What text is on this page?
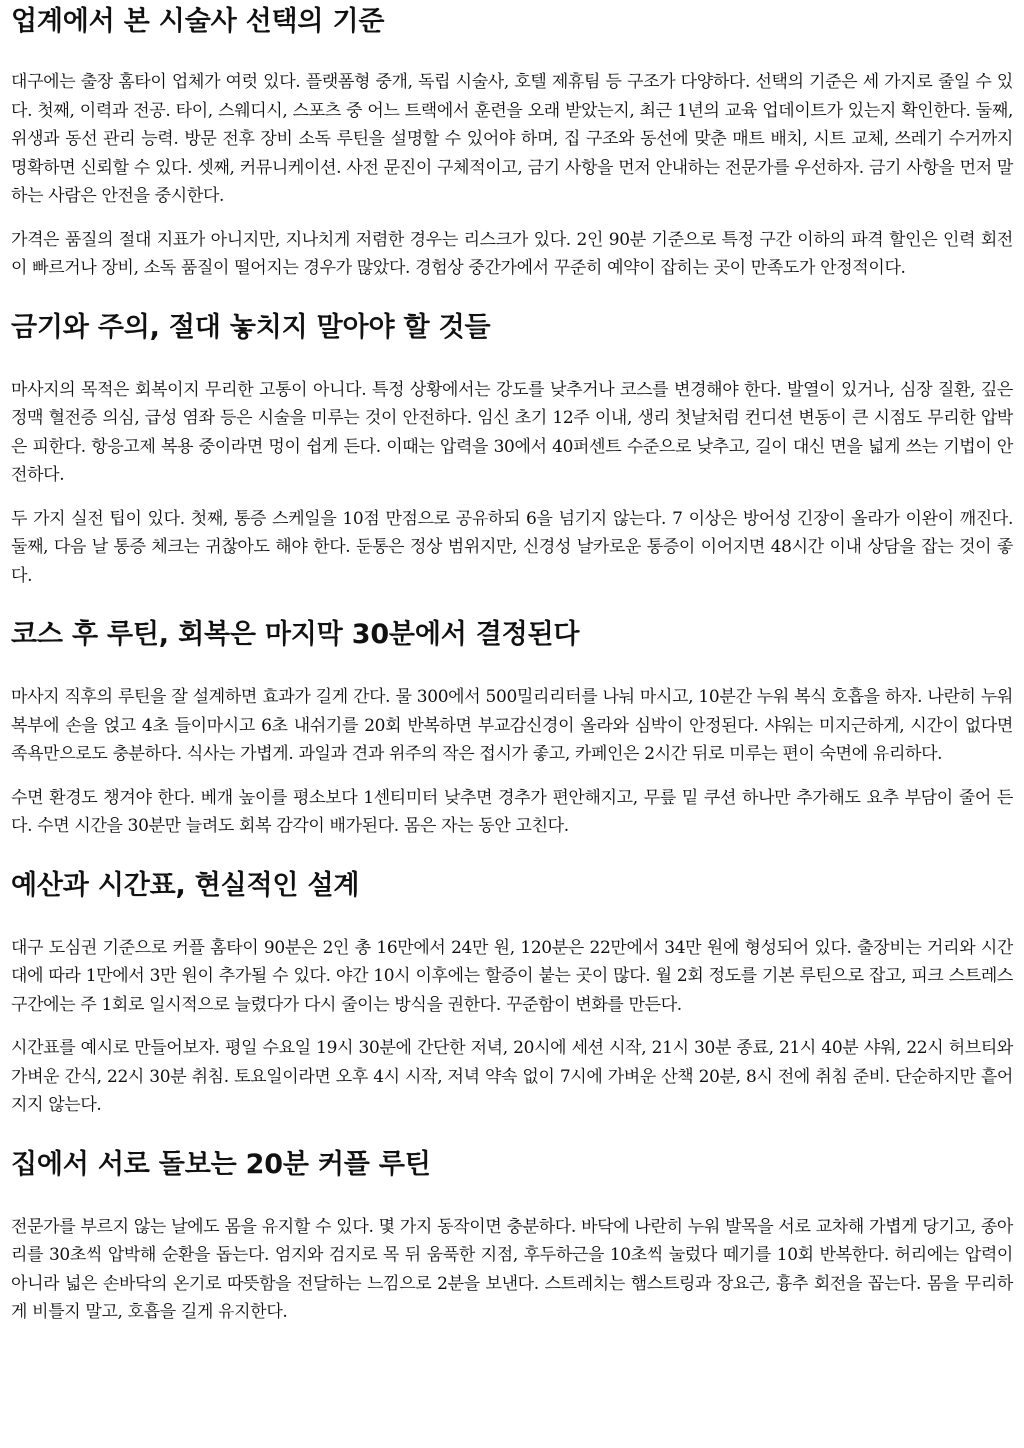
업계에서 본 시술사 선택의 기준

대구에는 출장 홈타이 업체가 여럿 있다. 플랫폼형 중개, 독립 시술사, 호텔 제휴팀 등 구조가 다양하다. 선택의 기준은 세 가지로 줄일 수 있다. 첫째, 이력과 전공. 타이, 스웨디시, 스포츠 중 어느 트랙에서 훈련을 오래 받았는지, 최근 1년의 교육 업데이트가 있는지 확인한다. 둘째, 위생과 동선 관리 능력. 방문 전후 장비 소독 루틴을 설명할 수 있어야 하며, 집 구조와 동선에 맞춘 매트 배치, 시트 교체, 쓰레기 수거까지 명확하면 신뢰할 수 있다. 셋째, 커뮤니케이션. 사전 문진이 구체적이고, 금기 사항을 먼저 안내하는 전문가를 우선하자. 금기 사항을 먼저 말하는 사람은 안전을 중시한다.

가격은 품질의 절대 지표가 아니지만, 지나치게 저렴한 경우는 리스크가 있다. 2인 90분 기준으로 특정 구간 이하의 파격 할인은 인력 회전이 빠르거나 장비, 소독 품질이 떨어지는 경우가 많았다. 경험상 중간가에서 꾸준히 예약이 잡히는 곳이 만족도가 안정적이다.

금기와 주의, 절대 놓치지 말아야 할 것들

마사지의 목적은 회복이지 무리한 고통이 아니다. 특정 상황에서는 강도를 낮추거나 코스를 변경해야 한다. 발열이 있거나, 심장 질환, 깊은 정맥 혈전증 의심, 급성 염좌 등은 시술을 미루는 것이 안전하다. 임신 초기 12주 이내, 생리 첫날처럼 컨디션 변동이 큰 시점도 무리한 압박은 피한다. 항응고제 복용 중이라면 멍이 쉽게 든다. 이때는 압력을 30에서 40퍼센트 수준으로 낮추고, 길이 대신 면을 넓게 쓰는 기법이 안전하다.

두 가지 실전 팁이 있다. 첫째, 통증 스케일을 10점 만점으로 공유하되 6을 넘기지 않는다. 7 이상은 방어성 긴장이 올라가 이완이 깨진다. 둘째, 다음 날 통증 체크는 귀찮아도 해야 한다. 둔통은 정상 범위지만, 신경성 날카로운 통증이 이어지면 48시간 이내 상담을 잡는 것이 좋다.

코스 후 루틴, 회복은 마지막 30분에서 결정된다

마사지 직후의 루틴을 잘 설계하면 효과가 길게 간다. 물 300에서 500밀리리터를 나눠 마시고, 10분간 누워 복식 호흡을 하자. 나란히 누워 복부에 손을 얹고 4초 들이마시고 6초 내쉬기를 20회 반복하면 부교감신경이 올라와 심박이 안정된다. 샤워는 미지근하게, 시간이 없다면 족욕만으로도 충분하다. 식사는 가볍게. 과일과 견과 위주의 작은 접시가 좋고, 카페인은 2시간 뒤로 미루는 편이 숙면에 유리하다.

수면 환경도 챙겨야 한다. 베개 높이를 평소보다 1센티미터 낮추면 경추가 편안해지고, 무릎 밑 쿠션 하나만 추가해도 요추 부담이 줄어 든다. 수면 시간을 30분만 늘려도 회복 감각이 배가된다. 몸은 자는 동안 고친다.

예산과 시간표, 현실적인 설계

대구 도심권 기준으로 커플 홈타이 90분은 2인 총 16만에서 24만 원, 120분은 22만에서 34만 원에 형성되어 있다. 출장비는 거리와 시간대에 따라 1만에서 3만 원이 추가될 수 있다. 야간 10시 이후에는 할증이 붙는 곳이 많다. 월 2회 정도를 기본 루틴으로 잡고, 피크 스트레스 구간에는 주 1회로 일시적으로 늘렸다가 다시 줄이는 방식을 권한다. 꾸준함이 변화를 만든다.

시간표를 예시로 만들어보자. 평일 수요일 19시 30분에 간단한 저녁, 20시에 세션 시작, 21시 30분 종료, 21시 40분 샤워, 22시 허브티와 가벼운 간식, 22시 30분 취침. 토요일이라면 오후 4시 시작, 저녁 약속 없이 7시에 가벼운 산책 20분, 8시 전에 취침 준비. 단순하지만 흩어지지 않는다.

집에서 서로 돌보는 20분 커플 루틴

전문가를 부르지 않는 날에도 몸을 유지할 수 있다. 몇 가지 동작이면 충분하다. 바닥에 나란히 누워 발목을 서로 교차해 가볍게 당기고, 종아리를 30초씩 압박해 순환을 돕는다. 엄지와 검지로 목 뒤 움푹한 지점, 후두하근을 10초씩 눌렀다 떼기를 10회 반복한다. 허리에는 압력이 아니라 넓은 손바닥의 온기로 따뜻함을 전달하는 느낌으로 2분을 보낸다. 스트레치는 햄스트링과 장요근, 흉추 회전을 꼽는다. 몸을 무리하게 비틀지 말고, 호흡을 길게 유지한다.
